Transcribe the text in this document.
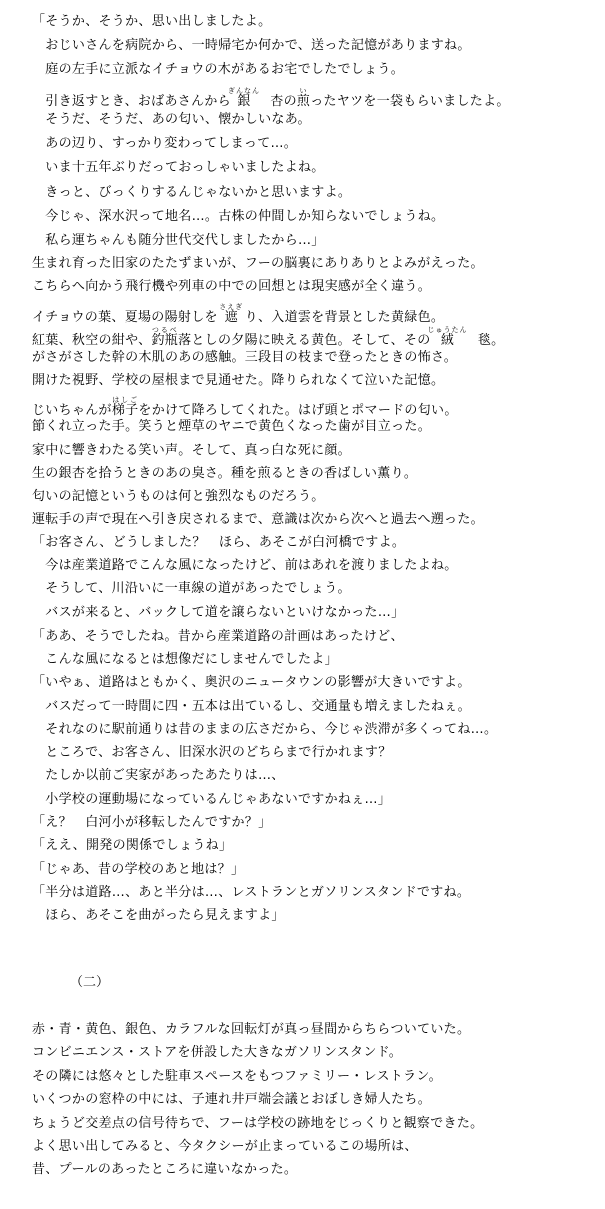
「そうか、そうか、思い出しましたよ。
　おじいさんを病院から、一時帰宅か何かで、送った記憶がありますね。
　庭の左手に立派なイチョウの木があるお宅でしたでしょう。
　引き返すとき、おばあさんから銀ぎんなん　杏の煎いったヤツを一袋もらいましたよ。
　そうだ、そうだ、あの匂い、懐かしいなあ。
　あの辺り、すっかり変わってしまって…。
　いま十五年ぶりだっておっしゃいましたよね。
　きっと、びっくりするんじゃないかと思いますよ。
　今じゃ、深水沢って地名…。古株の仲間しか知らないでしょうね。
　私ら運ちゃんも随分世代交代しましたから…」
生まれ育った旧家のたたずまいが、フーの脳裏にありありとよみがえった。
こちらへ向かう飛行機や列車の中での回想とは現実感が全く違う。
イチョウの葉、夏場の陽射しを 遮さえぎ り、入道雲を背景とした黄緑色。
紅葉、秋空の紺や、釣瓶つるべ落としの夕陽に映える黄色。そして、その絨じゅうたん　毯。
がさがさした幹の木肌のあの感触。三段目の枝まで登ったときの怖さ。
開けた視野、学校の屋根まで見通せた。降りられなくて泣いた記憶。
じいちゃんが梯子はしごをかけて降ろしてくれた。はげ頭とポマードの匂い。
節くれ立った手。笑うと煙草のヤニで黄色くなった歯が目立った。
家中に響きわたる笑い声。そして、真っ白な死に顔。
生の銀杏を拾うときのあの臭さ。種を煎るときの香ばしい薫り。
匂いの記憶というものは何と強烈なものだろう。
運転手の声で現在へ引き戻されるまで、意識は次から次へと過去へ遡った。
「お客さん、どうしました？　ほら、あそこが白河橋ですよ。
　今は産業道路でこんな風になったけど、前はあれを渡りましたよね。
　そうして、川沿いに一車線の道があったでしょう。
　バスが来ると、バックして道を譲らないといけなかった…」
「ああ、そうでしたね。昔から産業道路の計画はあったけど、
　こんな風になるとは想像だにしませんでしたよ」
「いやぁ、道路はともかく、奥沢のニュータウンの影響が大きいですよ。
　バスだって一時間に四・五本は出ているし、交通量も増えましたねぇ。
　それなのに駅前通りは昔のままの広さだから、今じゃ渋滞が多くってね…。
　ところで、お客さん、旧深水沢のどちらまで行かれます？
　たしか以前ご実家があったあたりは…、
　小学校の運動場になっているんじゃあないですかねぇ…」
「え？　白河小が移転したんですか？」
「ええ、開発の関係でしょうね」
「じゃあ、昔の学校のあと地は？」
「半分は道路…、あと半分は…、レストランとガソリンスタンドですね。
　ほら、あそこを曲がったら見えますよ」
（二）
赤・青・黄色、銀色、カラフルな回転灯が真っ昼間からちらついていた。
コンビニエンス・ストアを併設した大きなガソリンスタンド。
その隣には悠々とした駐車スペースをもつファミリー・レストラン。
いくつかの窓枠の中には、子連れ井戸端会議とおぼしき婦人たち。
ちょうど交差点の信号待ちで、フーは学校の跡地をじっくりと観察できた。
よく思い出してみると、今タクシーが止まっているこの場所は、
昔、プールのあったところに違いなかった。
